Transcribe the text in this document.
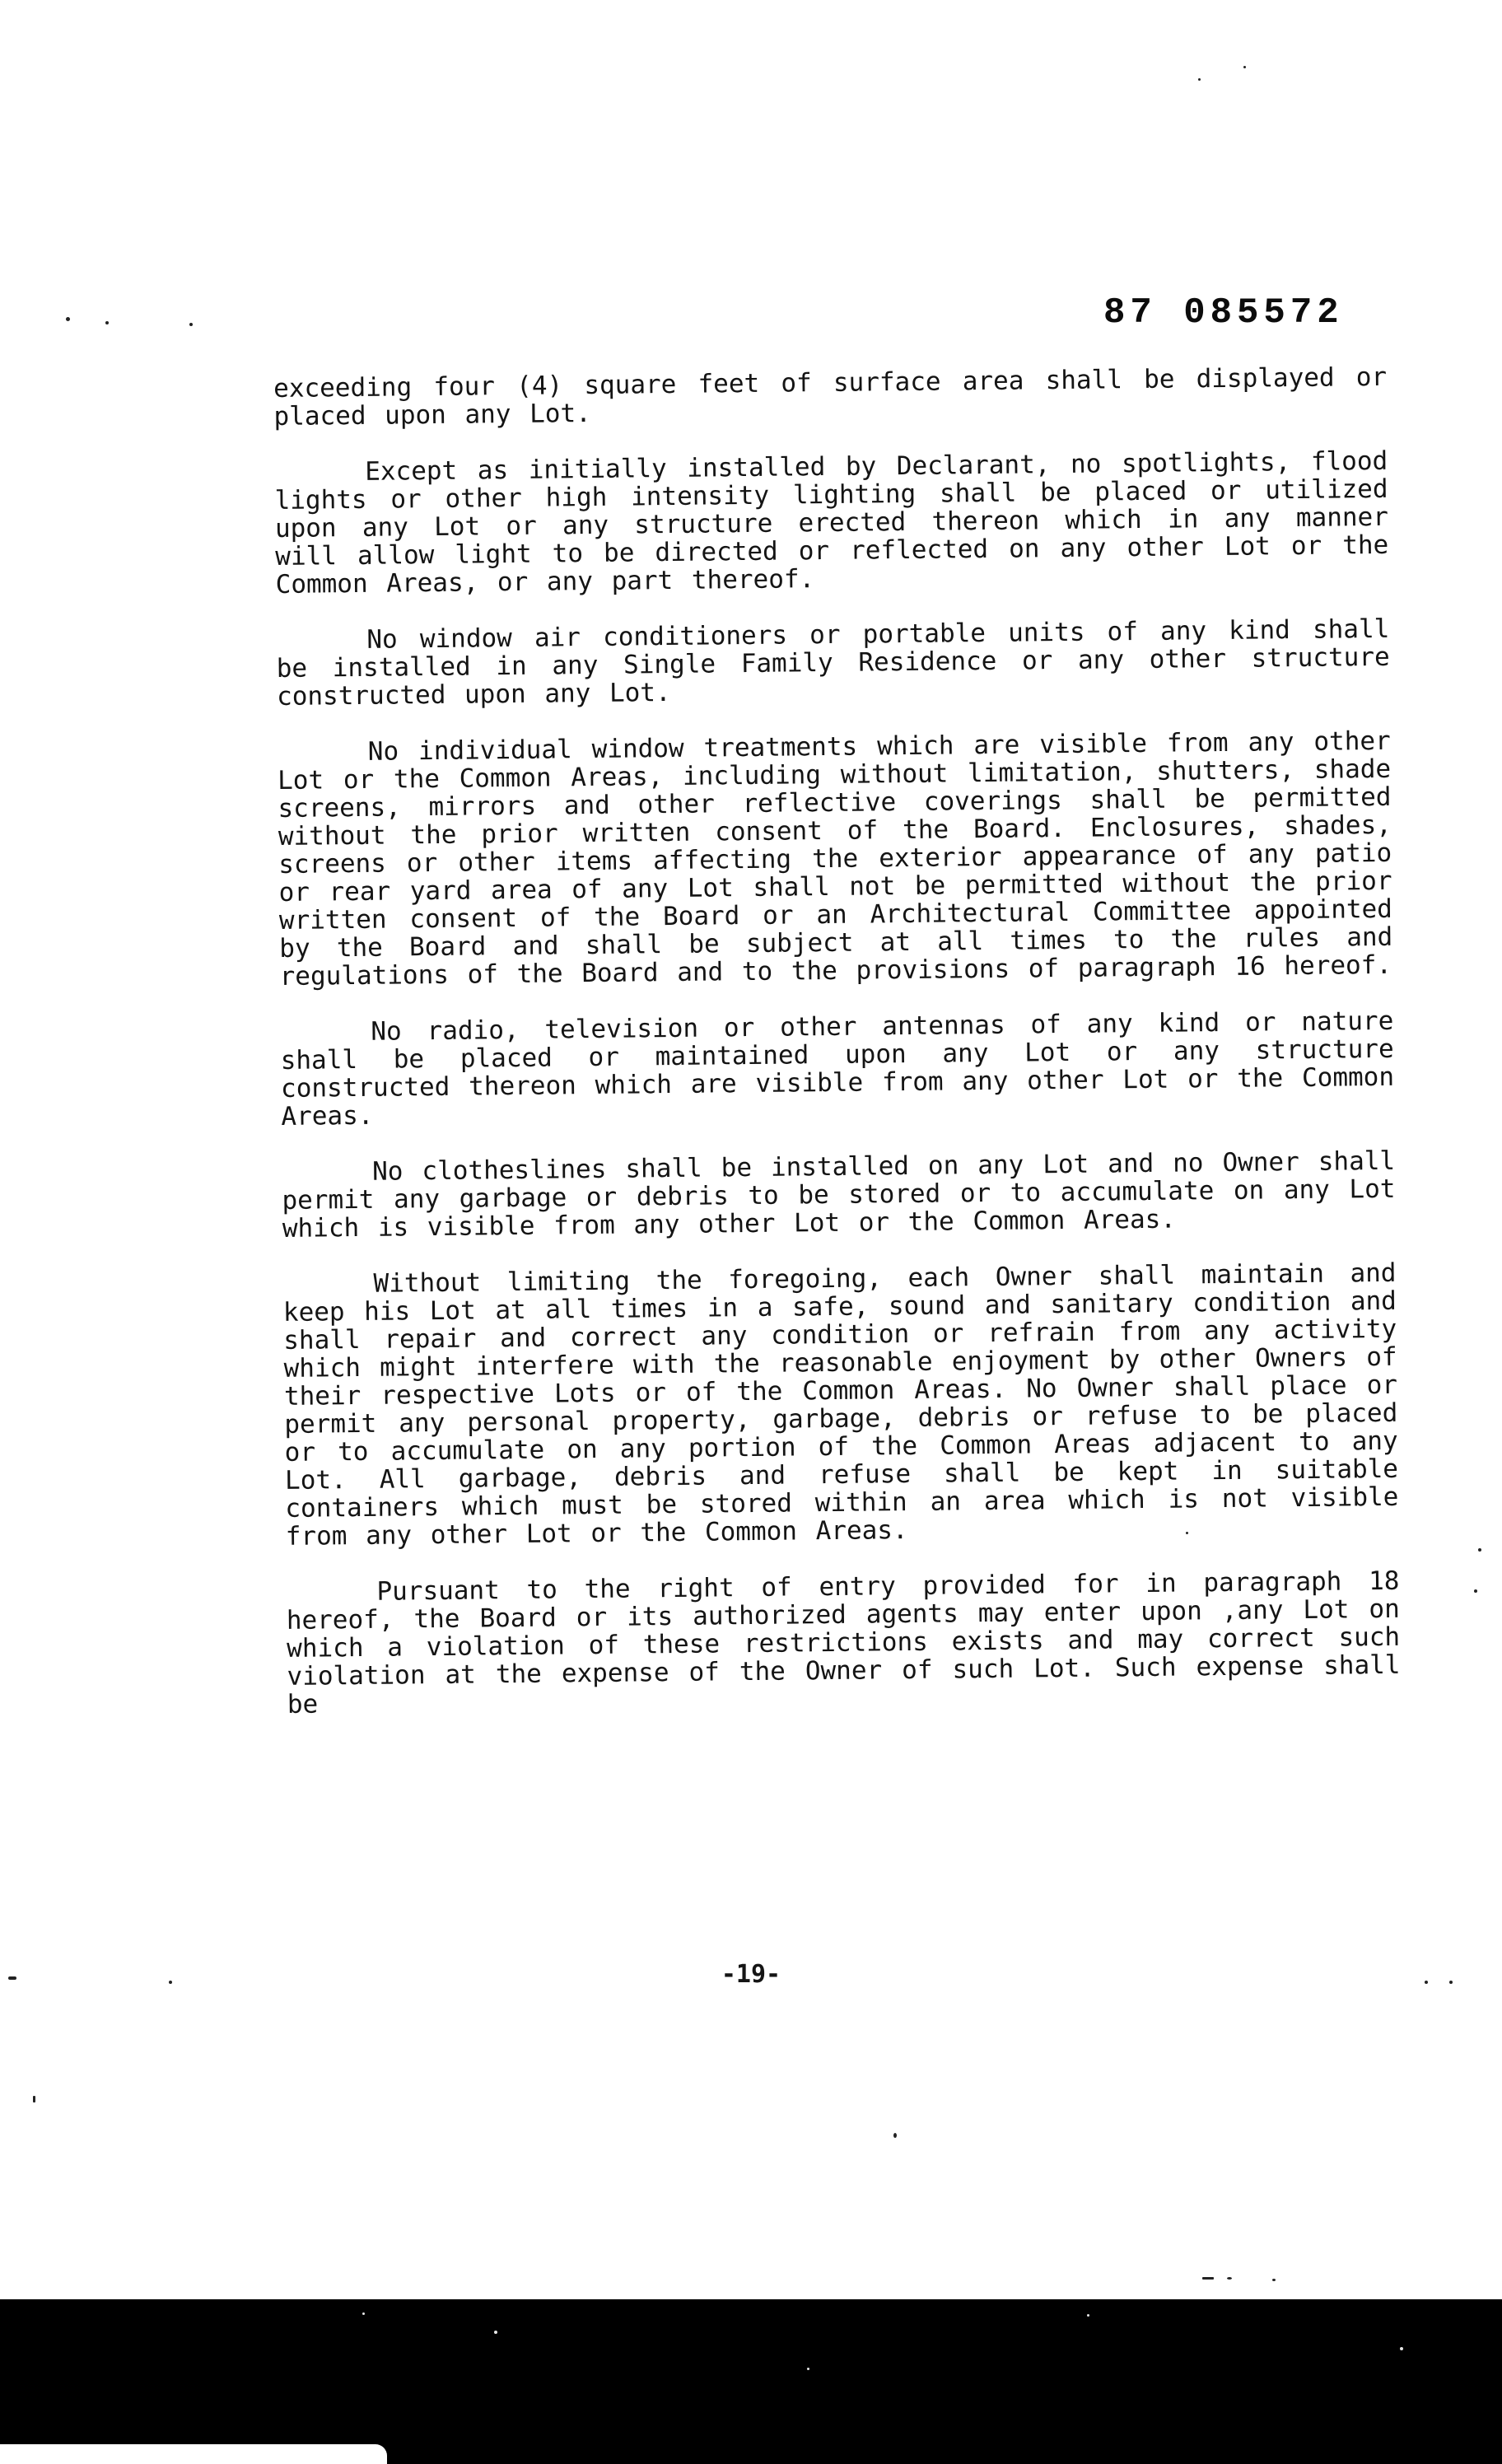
87 085572

exceeding four (4) square feet of surface area shall be displayed or placed upon any Lot.

Except as initially installed by Declarant, no spotlights, flood lights or other high intensity lighting shall be placed or utilized upon any Lot or any structure erected thereon which in any manner will allow light to be directed or reflected on any other Lot or the Common Areas, or any part thereof.

No window air conditioners or portable units of any kind shall be installed in any Single Family Residence or any other structure constructed upon any Lot.

No individual window treatments which are visible from any other Lot or the Common Areas, including without limitation, shutters, shade screens, mirrors and other reflective coverings shall be permitted without the prior written consent of the Board. Enclosures, shades, screens or other items affecting the exterior appearance of any patio or rear yard area of any Lot shall not be permitted without the prior written consent of the Board or an Architectural Committee appointed by the Board and shall be subject at all times to the rules and regulations of the Board and to the provisions of paragraph 16 hereof.

No radio, television or other antennas of any kind or nature shall be placed or maintained upon any Lot or any structure constructed thereon which are visible from any other Lot or the Common Areas.

No clotheslines shall be installed on any Lot and no Owner shall permit any garbage or debris to be stored or to accumulate on any Lot which is visible from any other Lot or the Common Areas.

Without limiting the foregoing, each Owner shall maintain and keep his Lot at all times in a safe, sound and sanitary condition and shall repair and correct any condition or refrain from any activity which might interfere with the reasonable enjoyment by other Owners of their respective Lots or of the Common Areas. No Owner shall place or permit any personal property, garbage, debris or refuse to be placed or to accumulate on any portion of the Common Areas adjacent to any Lot. All garbage, debris and refuse shall be kept in suitable containers which must be stored within an area which is not visible from any other Lot or the Common Areas.

Pursuant to the right of entry provided for in paragraph 18 hereof, the Board or its authorized agents may enter upon ,any Lot on which a violation of these restrictions exists and may correct such violation at the expense of the Owner of such Lot. Such expense shall be

-19-
